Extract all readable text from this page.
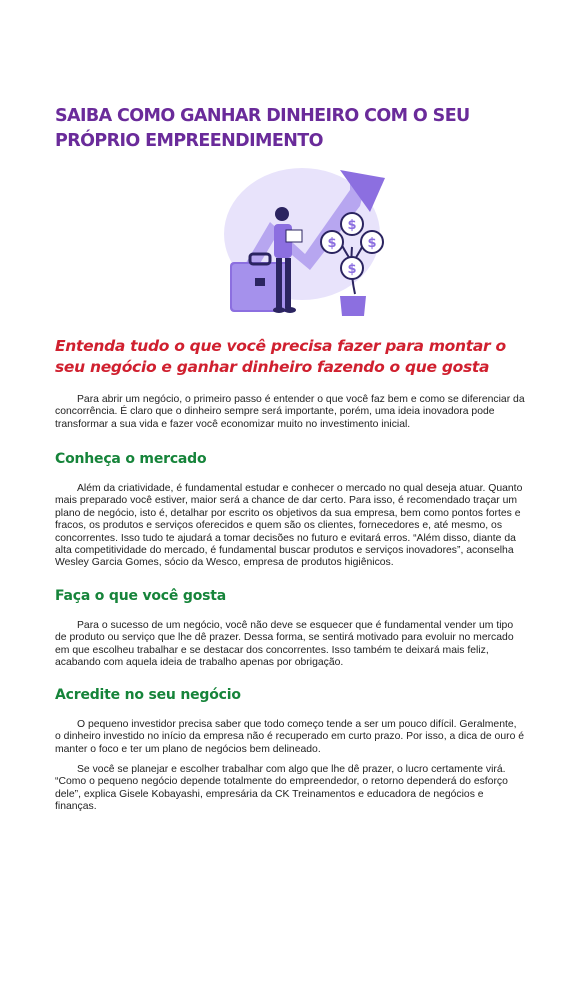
SAIBA COMO GANHAR DINHEIRO COM O SEU PRÓPRIO EMPREENDIMENTO
$
$ $
$
Entenda tudo o que você precisa fazer para montar o seu negócio e ganhar dinheiro fazendo o que gosta

Para abrir um negócio, o primeiro passo é entender o que você faz bem e como se diferenciar da concorrência. É claro que o dinheiro sempre será importante, porém, uma ideia inovadora pode transformar a sua vida e fazer você economizar muito no investimento inicial.

Conheça o mercado

Além da criatividade, é fundamental estudar e conhecer o mercado no qual deseja atuar. Quanto mais preparado você estiver, maior será a chance de dar certo. Para isso, é recomendado traçar um plano de negócio, isto é, detalhar por escrito os objetivos da sua empresa, bem como pontos fortes e fracos, os produtos e serviços oferecidos e quem são os clientes, fornecedores e, até mesmo, os concorrentes. Isso tudo te ajudará a tomar decisões no futuro e evitará erros. “Além disso, diante da alta competitividade do mercado, é fundamental buscar produtos e serviços inovadores”, aconselha Wesley Garcia Gomes, sócio da Wesco, empresa de produtos higiênicos.

Faça o que você gosta

Para o sucesso de um negócio, você não deve se esquecer que é fundamental vender um tipo de produto ou serviço que lhe dê prazer. Dessa forma, se sentirá motivado para evoluir no mercado em que escolheu trabalhar e se destacar dos concorrentes. Isso também te deixará mais feliz, acabando com aquela ideia de trabalho apenas por obrigação.

Acredite no seu negócio

O pequeno investidor precisa saber que todo começo tende a ser um pouco difícil. Geralmente, o dinheiro investido no início da empresa não é recuperado em curto prazo. Por isso, a dica de ouro é manter o foco e ter um plano de negócios bem delineado.

Se você se planejar e escolher trabalhar com algo que lhe dê prazer, o lucro certamente virá. “Como o pequeno negócio depende totalmente do empreendedor, o retorno dependerá do esforço dele”, explica Gisele Kobayashi, empresária da CK Treinamentos e educadora de negócios e finanças.
